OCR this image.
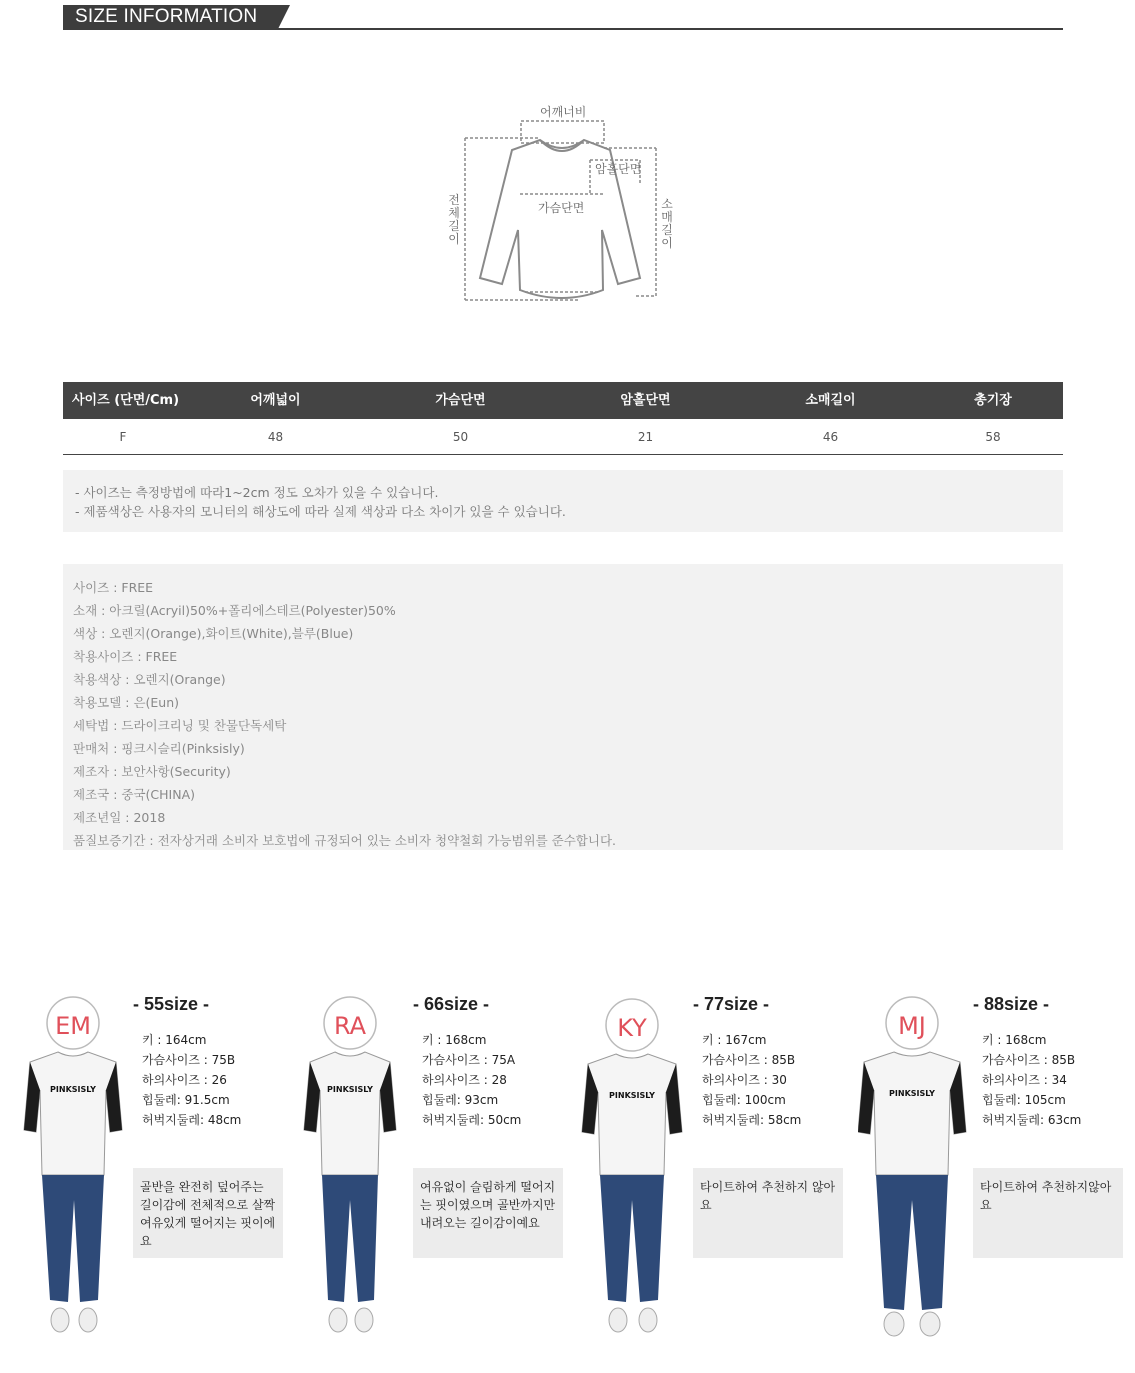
SIZE INFORMATION
어깨너비
암홀단면
가슴단면
전체길이
소매길이
사이즈 (단면/Cm)	어깨넓이	가슴단면	암홀단면	소매길이	총기장
F	48	50	21	46	58
- 사이즈는 측정방법에 따라1~2cm 정도 오차가 있을 수 있습니다.
- 제품색상은 사용자의 모니터의 해상도에 따라 실제 색상과 다소 차이가 있을 수 있습니다.
사이즈 : FREE
소재 : 아크릴(Acryil)50%+폴리에스테르(Polyester)50%
색상 : 오렌지(Orange),화이트(White),블루(Blue)
착용사이즈 : FREE
착용색상 : 오렌지(Orange)
착용모델 : 은(Eun)
세탁법 : 드라이크리닝 및 찬물단독세탁
판매처 : 핑크시슬리(Pinksisly)
제조자 : 보안사항(Security)
제조국 : 중국(CHINA)
제조년일 : 2018
품질보증기간 : 전자상거래 소비자 보호법에 규정되어 있는 소비자 청약철회 가능범위를 준수합니다.
EM
PINKSISLY
- 55size -
키 : 164cm
가슴사이즈 : 75B
하의사이즈 : 26
힙둘레: 91.5cm
허벅지둘레: 48cm
골반을 완전히 덮어주는 길이감에 전체적으로 살짝 여유있게 떨어지는 핏이에요
RA
PINKSISLY
- 66size -
키 : 168cm
가슴사이즈 : 75A
하의사이즈 : 28
힙둘레: 93cm
허벅지둘레: 50cm
여유없이 슬림하게 떨어지는 핏이였으며 골반까지만 내려오는 길이감이예요
KY
PINKSISLY
- 77size -
키 : 167cm
가슴사이즈 : 85B
하의사이즈 : 30
힙둘레: 100cm
허벅지둘레: 58cm
타이트하여 추천하지 않아요
MJ
PINKSISLY
- 88size -
키 : 168cm
가슴사이즈 : 85B
하의사이즈 : 34
힙둘레: 105cm
허벅지둘레: 63cm
타이트하여 추천하지않아요
